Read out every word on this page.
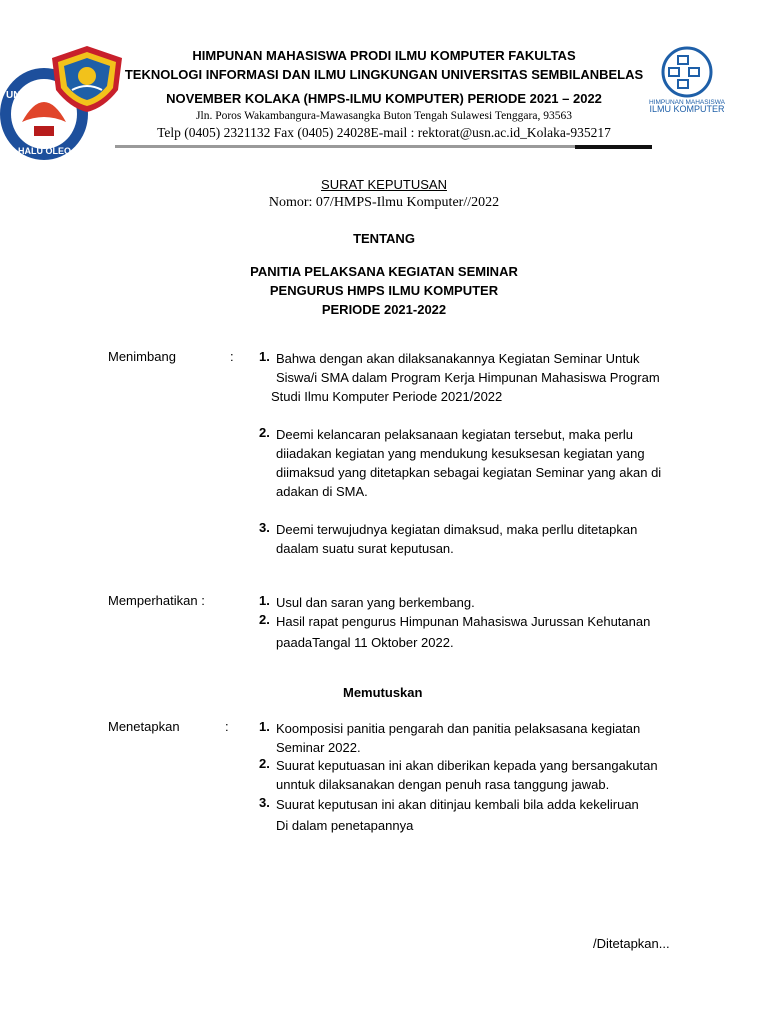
UNIVE
HALU OLEO
HIMPUNAN MAHASISWA
ILMU KOMPUTER
HIMPUNAN MAHASISWA PRODI ILMU KOMPUTER FAKULTAS
TEKNOLOGI INFORMASI DAN ILMU LINGKUNGAN UNIVERSITAS SEMBILANBELAS
NOVEMBER KOLAKA (HMPS-ILMU KOMPUTER) PERIODE 2021 – 2022
Jln. Poros Wakambangura-Mawasangka Buton Tengah Sulawesi Tenggara, 93563
Telp (0405) 2321132 Fax (0405) 24028E-mail : rektorat@usn.ac.id_Kolaka-935217
SURAT KEPUTUSAN
Nomor: 07/HMPS-Ilmu Komputer//2022
TENTANG
PANITIA PELAKSANA KEGIATAN SEMINAR
PENGURUS HMPS ILMU KOMPUTER
PERIODE 2021-2022
Menimbang	: 1. Bahwa dengan akan dilaksanakannya Kegiatan Seminar Untuk
Siswa/i SMA dalam Program Kerja Himpunan Mahasiswa Program
Studi Ilmu Komputer Periode 2021/2022
2. Deemi kelancaran pelaksanaan kegiatan tersebut, maka perlu
diiadakan kegiatan yang mendukung kesuksesan kegiatan yang
diimaksud yang ditetapkan sebagai kegiatan Seminar yang akan di
adakan di SMA.
3. Deemi terwujudnya kegiatan dimaksud, maka perllu ditetapkan
daalam suatu surat keputusan.
Memperhatikan :	1. Usul dan saran yang berkembang.
2. Hasil rapat pengurus Himpunan Mahasiswa Jurussan Kehutanan
paadaTangal 11 Oktober 2022.
Memutuskan
Menetapkan	: 1. Koomposisi panitia pengarah dan panitia pelaksasana kegiatan
Seminar 2022.
2. Suurat keputuasan ini akan diberikan kepada yang bersangakutan
unntuk dilaksanakan dengan penuh rasa tanggung jawab.
3. Suurat keputusan ini akan ditinjau kembali bila adda kekeliruan
Di dalam penetapannya
/Ditetapkan...
